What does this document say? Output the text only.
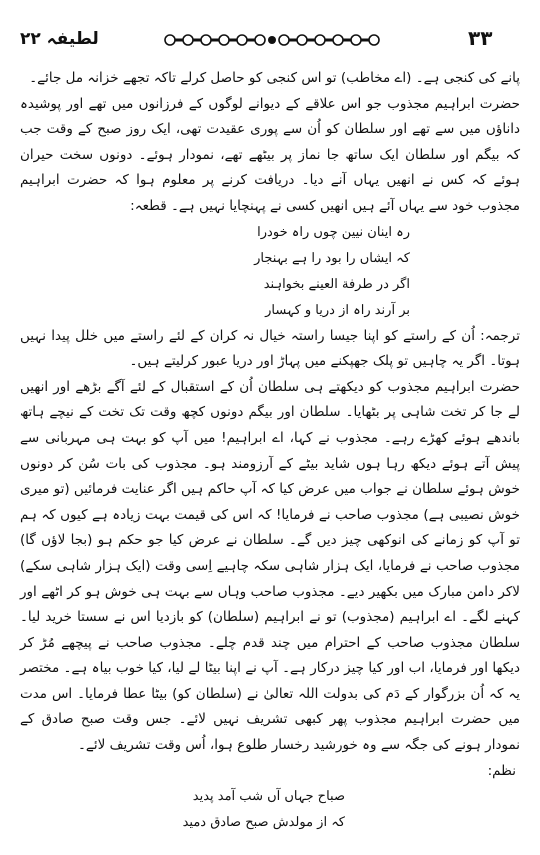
۳۳
لطیفہ ۲۲

پانے کی کنجی ہے۔ (اے مخاطب) تو اس کنجی کو حاصل کرلے تاکہ تجھے خزانہ مل جائے۔

حضرت ابراہیم مجذوب جو اس علاقے کے دیوانے لوگوں کے فرزانوں میں تھے اور پوشیدہ داناؤں میں سے تھے اور سلطان کو اُن سے پوری عقیدت تھی، ایک روز صبح کے وقت جب کہ بیگم اور سلطان ایک ساتھ جا نماز پر بیٹھے تھے، نمودار ہوئے۔ دونوں سخت حیران ہوئے کہ کس نے انھیں یہاں آنے دیا۔ دریافت کرنے پر معلوم ہوا کہ حضرت ابراہیم مجذوب خود سے یہاں آئے ہیں انھیں کسی نے پہنچایا نہیں ہے۔ قطعہ:

رہ اینان نیین چوں راہ خودرا
کہ ایشاں را بود را ہے بہنجار
اگر در طرفة العینے بخواہند
بر آرند راہ از دریا و کہسار

ترجمہ: اُن کے راستے کو اپنا جیسا راستہ خیال نہ کران کے لئے راستے میں خلل پیدا نہیں ہوتا۔ اگر یہ چاہیں تو پلک جھپکنے میں پہاڑ اور دریا عبور کرلیتے ہیں۔

حضرت ابراہیم مجذوب کو دیکھتے ہی سلطان اُن کے استقبال کے لئے آگے بڑھے اور انھیں لے جا کر تخت شاہی پر بٹھایا۔ سلطان اور بیگم دونوں کچھ وقت تک تخت کے نیچے ہاتھ باندھے ہوئے کھڑے رہے۔ مجذوب نے کہا، اے ابراہیم! میں آپ کو بہت ہی مہربانی سے پیش آتے ہوئے دیکھ رہا ہوں شاید بیٹے کے آرزومند ہو۔ مجذوب کی بات سُن کر دونوں خوش ہوئے سلطان نے جواب میں عرض کیا کہ آپ حاکم ہیں اگر عنایت فرمائیں (تو میری خوش نصیبی ہے) مجذوب صاحب نے فرمایا! کہ اس کی قیمت بہت زیادہ ہے کیوں کہ ہم تو آپ کو زمانے کی انوکھی چیز دیں گے۔ سلطان نے عرض کیا جو حکم ہو (بجا لاؤں گا) مجذوب صاحب نے فرمایا، ایک ہزار شاہی سکہ چاہیے اِسی وقت (ایک ہزار شاہی سکے) لاکر دامن مبارک میں بکھیر دیے۔ مجذوب صاحب وہاں سے بہت ہی خوش ہو کر اٹھے اور کہنے لگے۔ اے ابراہیم (مجذوب) تو نے ابراہیم (سلطان) کو بازدیا اس نے سستا خرید لیا۔ سلطان مجذوب صاحب کے احترام میں چند قدم چلے۔ مجذوب صاحب نے پیچھے مُڑ کر دیکھا اور فرمایا، اب اور کیا چیز درکار ہے۔ آپ نے اپنا بیٹا لے لیا، کیا خوب بیاہ ہے۔ مختصر یہ کہ اُن بزرگوار کے دَم کی بدولت اللہ تعالیٰ نے (سلطان کو) بیٹا عطا فرمایا۔ اس مدت میں حضرت ابراہیم مجذوب پھر کبھی تشریف نہیں لائے۔ جس وقت صبح صادق کے نمودار ہونے کی جگہ سے وہ خورشید رخسار طلوع ہوا، اُس وقت تشریف لائے۔

نظم:
صباح جہاں آں شب آمد پدید
کہ از مولدش صبح صادق دمید
